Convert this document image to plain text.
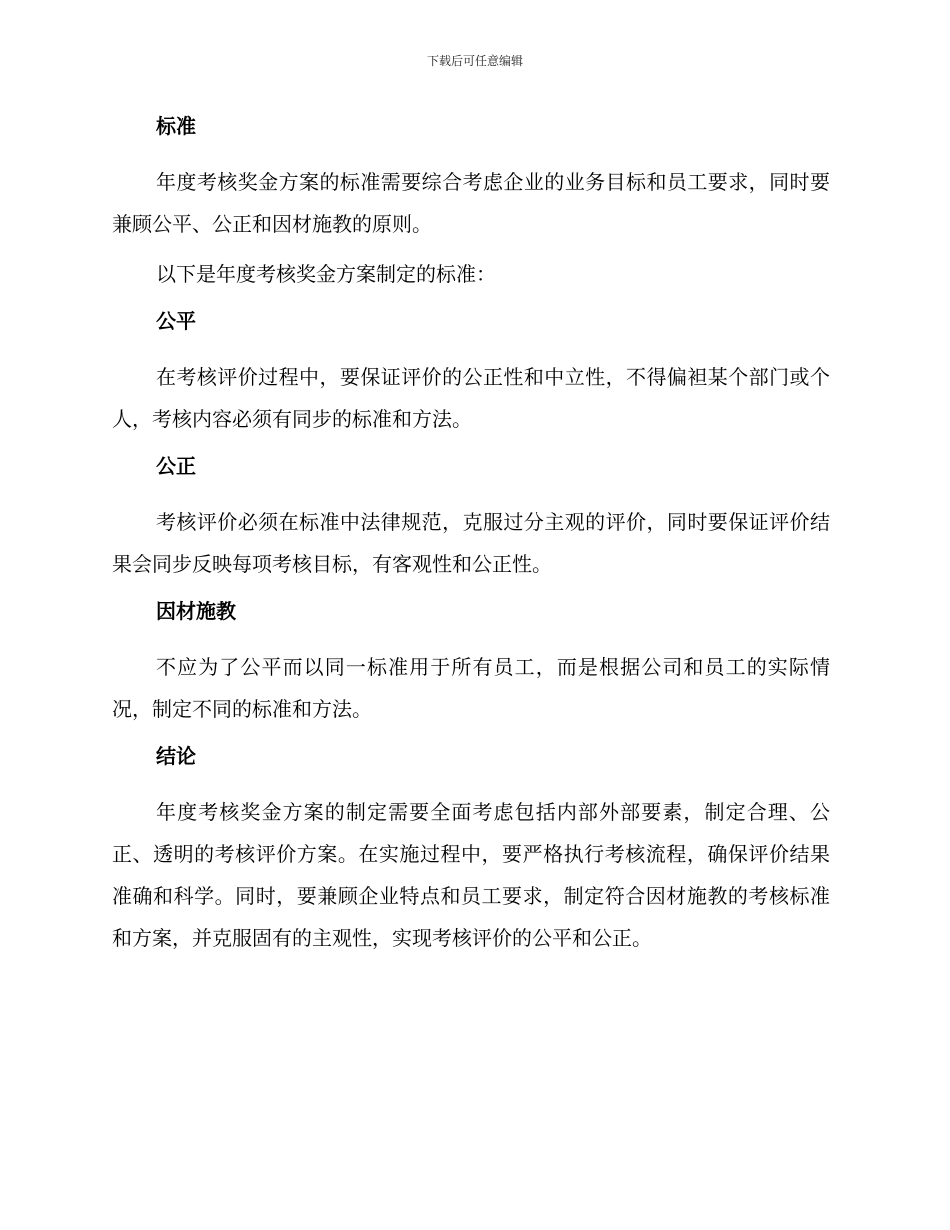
下载后可任意编辑
标准

年度考核奖金方案的标准需要综合考虑企业的业务目标和员工要求，同时要兼顾公平、公正和因材施教的原则。

以下是年度考核奖金方案制定的标准：

公平

在考核评价过程中，要保证评价的公正性和中立性，不得偏袒某个部门或个人，考核内容必须有同步的标准和方法。

公正

考核评价必须在标准中法律规范，克服过分主观的评价，同时要保证评价结果会同步反映每项考核目标，有客观性和公正性。

因材施教

不应为了公平而以同一标准用于所有员工，而是根据公司和员工的实际情况，制定不同的标准和方法。

结论

年度考核奖金方案的制定需要全面考虑包括内部外部要素，制定合理、公正、透明的考核评价方案。在实施过程中，要严格执行考核流程，确保评价结果准确和科学。同时，要兼顾企业特点和员工要求，制定符合因材施教的考核标准和方案，并克服固有的主观性，实现考核评价的公平和公正。
